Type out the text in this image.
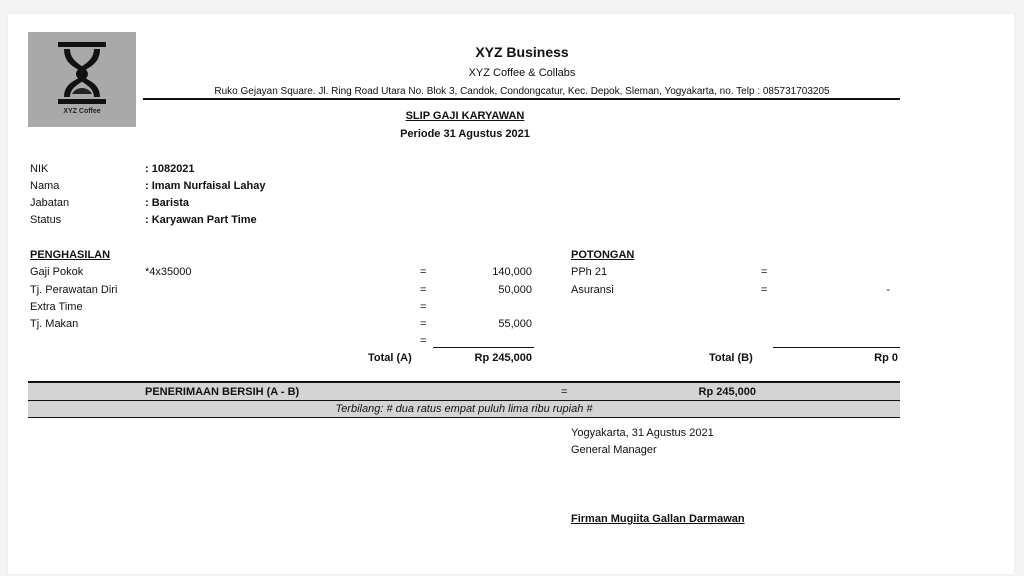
XYZ Coffee
XYZ Business
XYZ Coffee & Collabs
Ruko Gejayan Square. Jl. Ring Road Utara No. Blok 3, Candok, Condongcatur, Kec. Depok, Sleman, Yogyakarta, no. Telp : 085731703205
SLIP GAJI KARYAWAN
Periode 31 Agustus 2021
NIK	: 1082021
Nama	: Imam Nurfaisal Lahay
Jabatan	: Barista
Status	: Karyawan Part Time
PENGHASILAN
Gaji Pokok	*4x35000	=	140,000
Tj. Perawatan Diri	=	50,000
Extra Time	=
Tj. Makan	=	55,000
=
Total (A)	Rp 245,000
POTONGAN
PPh 21	=
Asuransi	=	-
Total (B)	Rp 0
PENERIMAAN BERSIH (A - B)	=	Rp 245,000
Terbilang: # dua ratus empat puluh lima ribu rupiah #
Yogyakarta, 31 Agustus 2021
General Manager
Firman Mugiita Gallan Darmawan
